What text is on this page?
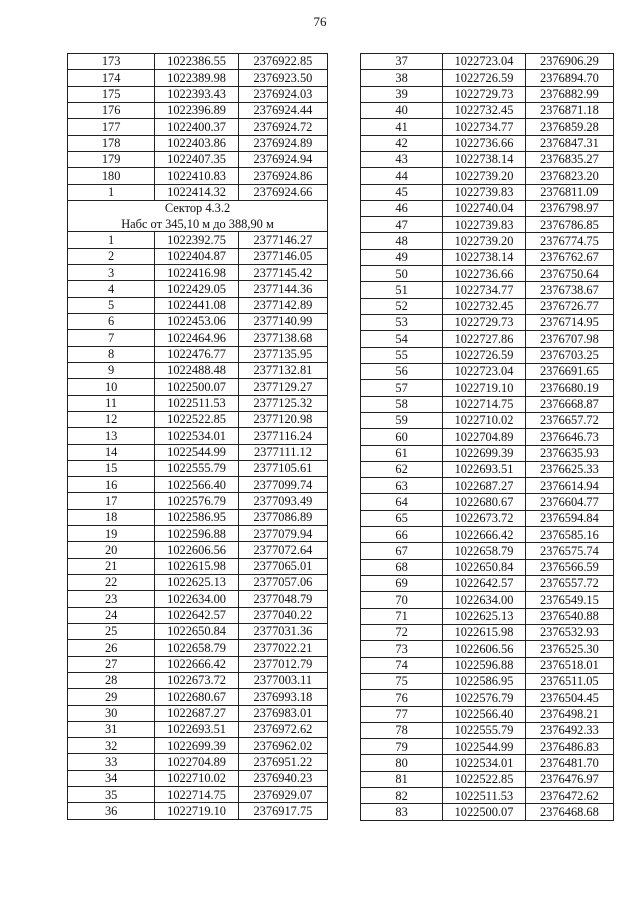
76
173	1022386.55	2376922.85
174	1022389.98	2376923.50
175	1022393.43	2376924.03
176	1022396.89	2376924.44
177	1022400.37	2376924.72
178	1022403.86	2376924.89
179	1022407.35	2376924.94
180	1022410.83	2376924.86
1	1022414.32	2376924.66
Сектор 4.3.2		
Набс от 345,10 м до 388,90 м		
1	1022392.75	2377146.27
2	1022404.87	2377146.05
3	1022416.98	2377145.42
4	1022429.05	2377144.36
5	1022441.08	2377142.89
6	1022453.06	2377140.99
7	1022464.96	2377138.68
8	1022476.77	2377135.95
9	1022488.48	2377132.81
10	1022500.07	2377129.27
11	1022511.53	2377125.32
12	1022522.85	2377120.98
13	1022534.01	2377116.24
14	1022544.99	2377111.12
15	1022555.79	2377105.61
16	1022566.40	2377099.74
17	1022576.79	2377093.49
18	1022586.95	2377086.89
19	1022596.88	2377079.94
20	1022606.56	2377072.64
21	1022615.98	2377065.01
22	1022625.13	2377057.06
23	1022634.00	2377048.79
24	1022642.57	2377040.22
25	1022650.84	2377031.36
26	1022658.79	2377022.21
27	1022666.42	2377012.79
28	1022673.72	2377003.11
29	1022680.67	2376993.18
30	1022687.27	2376983.01
31	1022693.51	2376972.62
32	1022699.39	2376962.02
33	1022704.89	2376951.22
34	1022710.02	2376940.23
35	1022714.75	2376929.07
36	1022719.10	2376917.75
37	1022723.04	2376906.29
38	1022726.59	2376894.70
39	1022729.73	2376882.99
40	1022732.45	2376871.18
41	1022734.77	2376859.28
42	1022736.66	2376847.31
43	1022738.14	2376835.27
44	1022739.20	2376823.20
45	1022739.83	2376811.09
46	1022740.04	2376798.97
47	1022739.83	2376786.85
48	1022739.20	2376774.75
49	1022738.14	2376762.67
50	1022736.66	2376750.64
51	1022734.77	2376738.67
52	1022732.45	2376726.77
53	1022729.73	2376714.95
54	1022727.86	2376707.98
55	1022726.59	2376703.25
56	1022723.04	2376691.65
57	1022719.10	2376680.19
58	1022714.75	2376668.87
59	1022710.02	2376657.72
60	1022704.89	2376646.73
61	1022699.39	2376635.93
62	1022693.51	2376625.33
63	1022687.27	2376614.94
64	1022680.67	2376604.77
65	1022673.72	2376594.84
66	1022666.42	2376585.16
67	1022658.79	2376575.74
68	1022650.84	2376566.59
69	1022642.57	2376557.72
70	1022634.00	2376549.15
71	1022625.13	2376540.88
72	1022615.98	2376532.93
73	1022606.56	2376525.30
74	1022596.88	2376518.01
75	1022586.95	2376511.05
76	1022576.79	2376504.45
77	1022566.40	2376498.21
78	1022555.79	2376492.33
79	1022544.99	2376486.83
80	1022534.01	2376481.70
81	1022522.85	2376476.97
82	1022511.53	2376472.62
83	1022500.07	2376468.68
